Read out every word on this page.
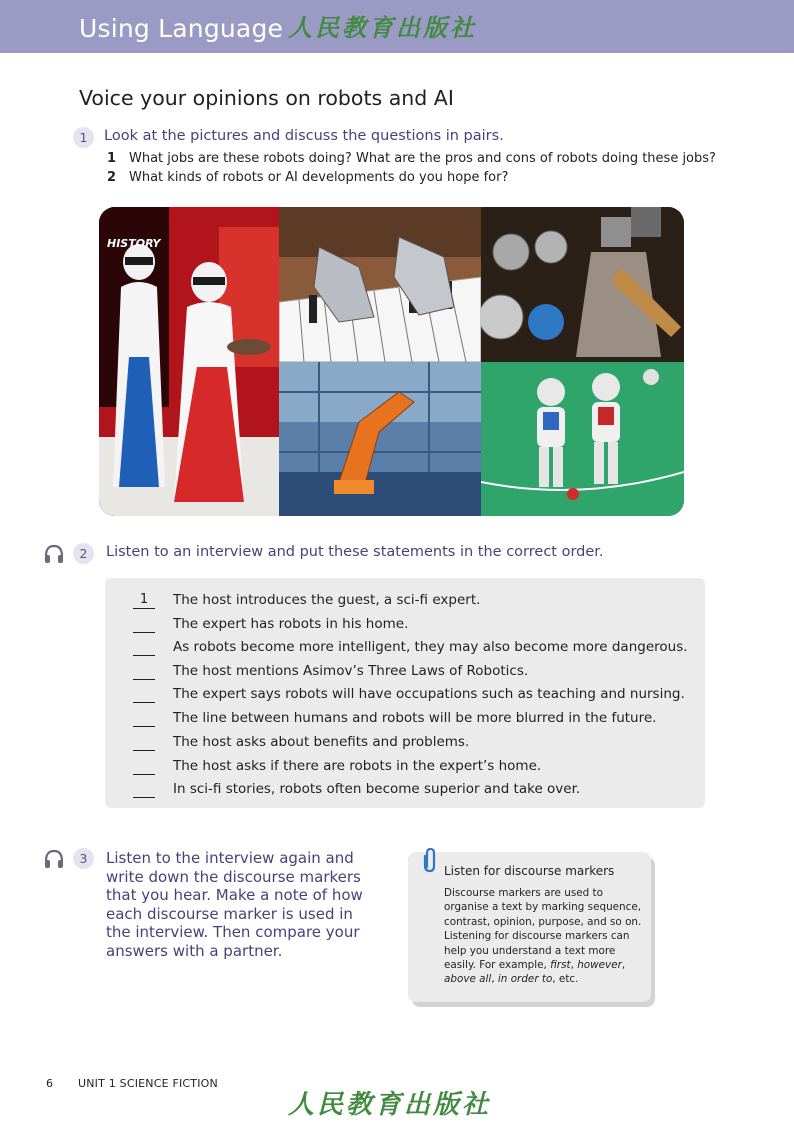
Using Language 人民教育出版社
Voice your opinions on robots and AI
1	Look at the pictures and discuss the questions in pairs.
1 What jobs are these robots doing? What are the pros and cons of robots doing these jobs?
2 What kinds of robots or AI developments do you hope for?
HISTORY
2	Listen to an interview and put these statements in the correct order.
1	The host introduces the guest, a sci-fi expert.
The expert has robots in his home.
As robots become more intelligent, they may also become more dangerous.
The host mentions Asimov’s Three Laws of Robotics.
The expert says robots will have occupations such as teaching and nursing.
The line between humans and robots will be more blurred in the future.
The host asks about benefits and problems.
The host asks if there are robots in the expert’s home.
In sci-fi stories, robots often become superior and take over.
3	Listen to the interview again and write down the discourse markers that you hear. Make a note of how each discourse marker is used in the interview. Then compare your answers with a partner.
Listen for discourse markers
Discourse markers are used to organise a text by marking sequence, contrast, opinion, purpose, and so on. Listening for discourse markers can help you understand a text more easily. For example, first, however, above all, in order to, etc.
6 UNIT 1 SCIENCE FICTION
人民教育出版社
